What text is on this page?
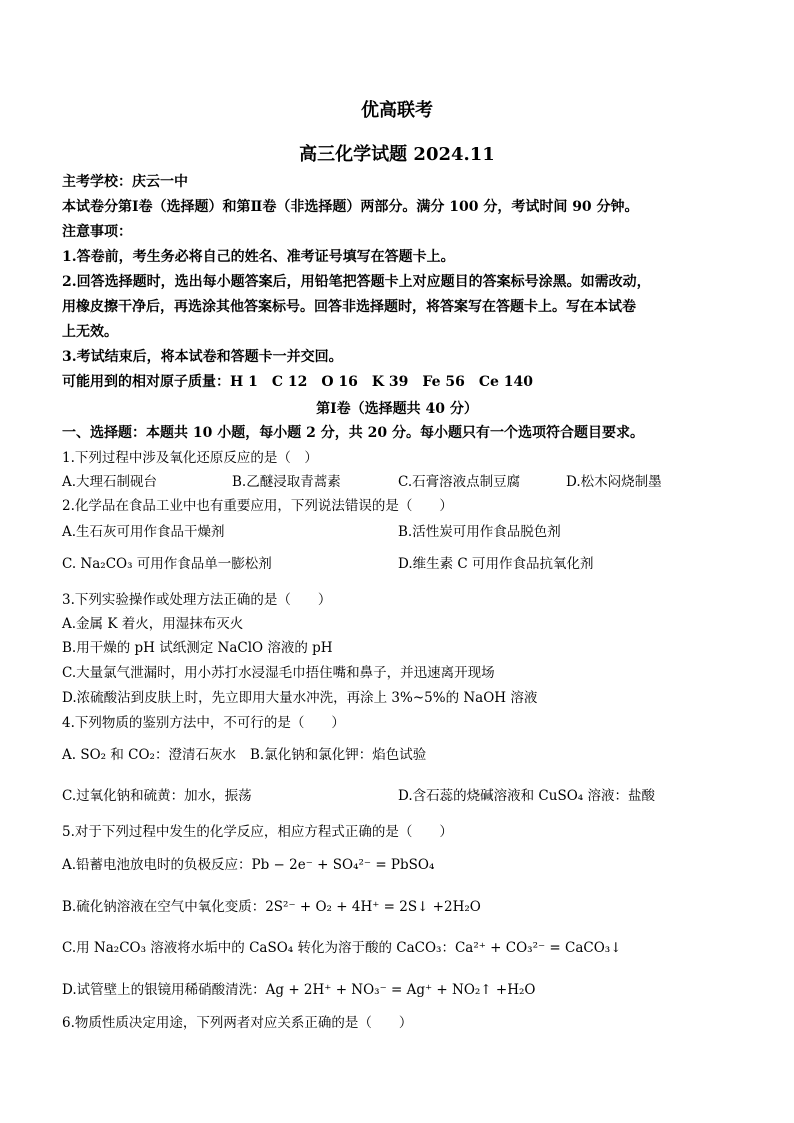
优高联考
高三化学试题 2024.11
主考学校：庆云一中
本试卷分第Ⅰ卷（选择题）和第Ⅱ卷（非选择题）两部分。满分 100 分，考试时间 90 分钟。
注意事项：
1.答卷前，考生务必将自己的姓名、准考证号填写在答题卡上。
2.回答选择题时，选出每小题答案后，用铅笔把答题卡上对应题目的答案标号涂黑。如需改动，
用橡皮擦干净后，再选涂其他答案标号。回答非选择题时，将答案写在答题卡上。写在本试卷
上无效。
3.考试结束后，将本试卷和答题卡一并交回。
可能用到的相对原子质量：H 1　C 12　O 16　K 39　Fe 56　Ce 140
第Ⅰ卷（选择题共 40 分）
一、选择题：本题共 10 小题，每小题 2 分，共 20 分。每小题只有一个选项符合题目要求。
1.下列过程中涉及氧化还原反应的是（　）
A.大理石制砚台	B.乙醚浸取青蒿素	C.石膏溶液点制豆腐	D.松木闷烧制墨
2.化学品在食品工业中也有重要应用，下列说法错误的是（　　）
A.生石灰可用作食品干燥剂	B.活性炭可用作食品脱色剂
C. Na₂CO₃ 可用作食品单一膨松剂	D.维生素 C 可用作食品抗氧化剂
3.下列实验操作或处理方法正确的是（　　）
A.金属 K 着火，用湿抹布灭火
B.用干燥的 pH 试纸测定 NaClO 溶液的 pH
C.大量氯气泄漏时，用小苏打水浸湿毛巾捂住嘴和鼻子，并迅速离开现场
D.浓硫酸沾到皮肤上时，先立即用大量水冲洗，再涂上 3%~5%的 NaOH 溶液
4.下列物质的鉴别方法中，不可行的是（　　）
A. SO₂ 和 CO₂：澄清石灰水 B.氯化钠和氯化钾：焰色试验
C.过氧化钠和硫黄：加水，振荡	D.含石蕊的烧碱溶液和 CuSO₄ 溶液：盐酸
5.对于下列过程中发生的化学反应，相应方程式正确的是（　　）
A.铅蓄电池放电时的负极反应：Pb − 2e⁻ + SO₄²⁻ = PbSO₄
B.硫化钠溶液在空气中氧化变质：2S²⁻ + O₂ + 4H⁺ = 2S↓ +2H₂O
C.用 Na₂CO₃ 溶液将水垢中的 CaSO₄ 转化为溶于酸的 CaCO₃：Ca²⁺ + CO₃²⁻ = CaCO₃↓
D.试管壁上的银镜用稀硝酸清洗：Ag + 2H⁺ + NO₃⁻ = Ag⁺ + NO₂↑ +H₂O
6.物质性质决定用途，下列两者对应关系正确的是（　　）
